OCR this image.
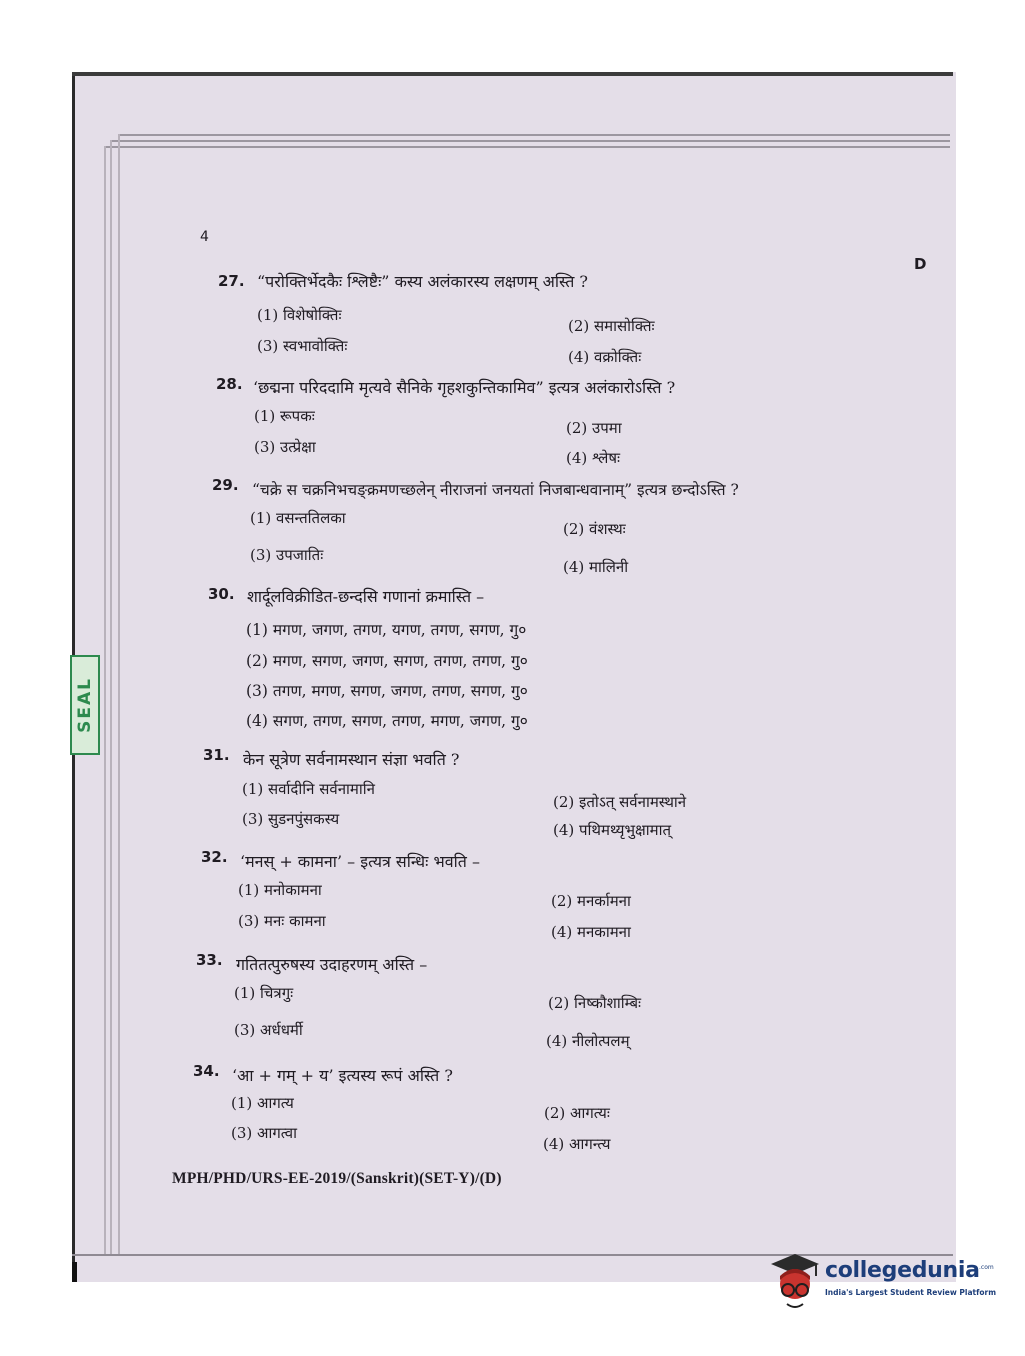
SEAL
4
D
27. “परोक्तिर्भेदकैः श्लिष्टैः” कस्य अलंकारस्य लक्षणम् अस्ति ?
(1) विशेषोक्तिः
(2) समासोक्तिः
(3) स्वभावोक्तिः
(4) वक्रोक्तिः
28. ‘छद्मना परिददामि मृत्यवे सैनिके गृहशकुन्तिकामिव” इत्यत्र अलंकारोऽस्ति ?
(1) रूपकः
(2) उपमा
(3) उत्प्रेक्षा
(4) श्लेषः
29. “चक्रे स चक्रनिभचङ्क्रमणच्छलेन् नीराजनां जनयतां निजबान्धवानाम्” इत्यत्र छन्दोऽस्ति ?
(1) वसन्ततिलका
(2) वंशस्थः
(3) उपजातिः
(4) मालिनी
30. शार्दूलविक्रीडित-छन्दसि गणानां क्रमास्ति –
(1) मगण, जगण, तगण, यगण, तगण, सगण, गु०
(2) मगण, सगण, जगण, सगण, तगण, तगण, गु०
(3) तगण, मगण, सगण, जगण, तगण, सगण, गु०
(4) सगण, तगण, सगण, तगण, मगण, जगण, गु०
31. केन सूत्रेण सर्वनामस्थान संज्ञा भवति ?
(1) सर्वादीनि सर्वनामानि
(2) इतोऽत् सर्वनामस्थाने
(3) सुडनपुंसकस्य
(4) पथिमथ्यृभुक्षामात्
32. ‘मनस् + कामना’ – इत्यत्र सन्धिः भवति –
(1) मनोकामना
(2) मनर्कामना
(3) मनः कामना
(4) मनकामना
33. गतितत्पुरुषस्य उदाहरणम् अस्ति –
(1) चित्रगुः
(2) निष्कौशाम्बिः
(3) अर्धधर्मी
(4) नीलोत्पलम्
34. ‘आ + गम् + य’ इत्यस्य रूपं अस्ति ?
(1) आगत्य
(2) आगत्यः
(3) आगत्वा
(4) आगन्त्य
MPH/PHD/URS-EE-2019/(Sanskrit)(SET-Y)/(D)
collegedunia .com
India's Largest Student Review Platform
